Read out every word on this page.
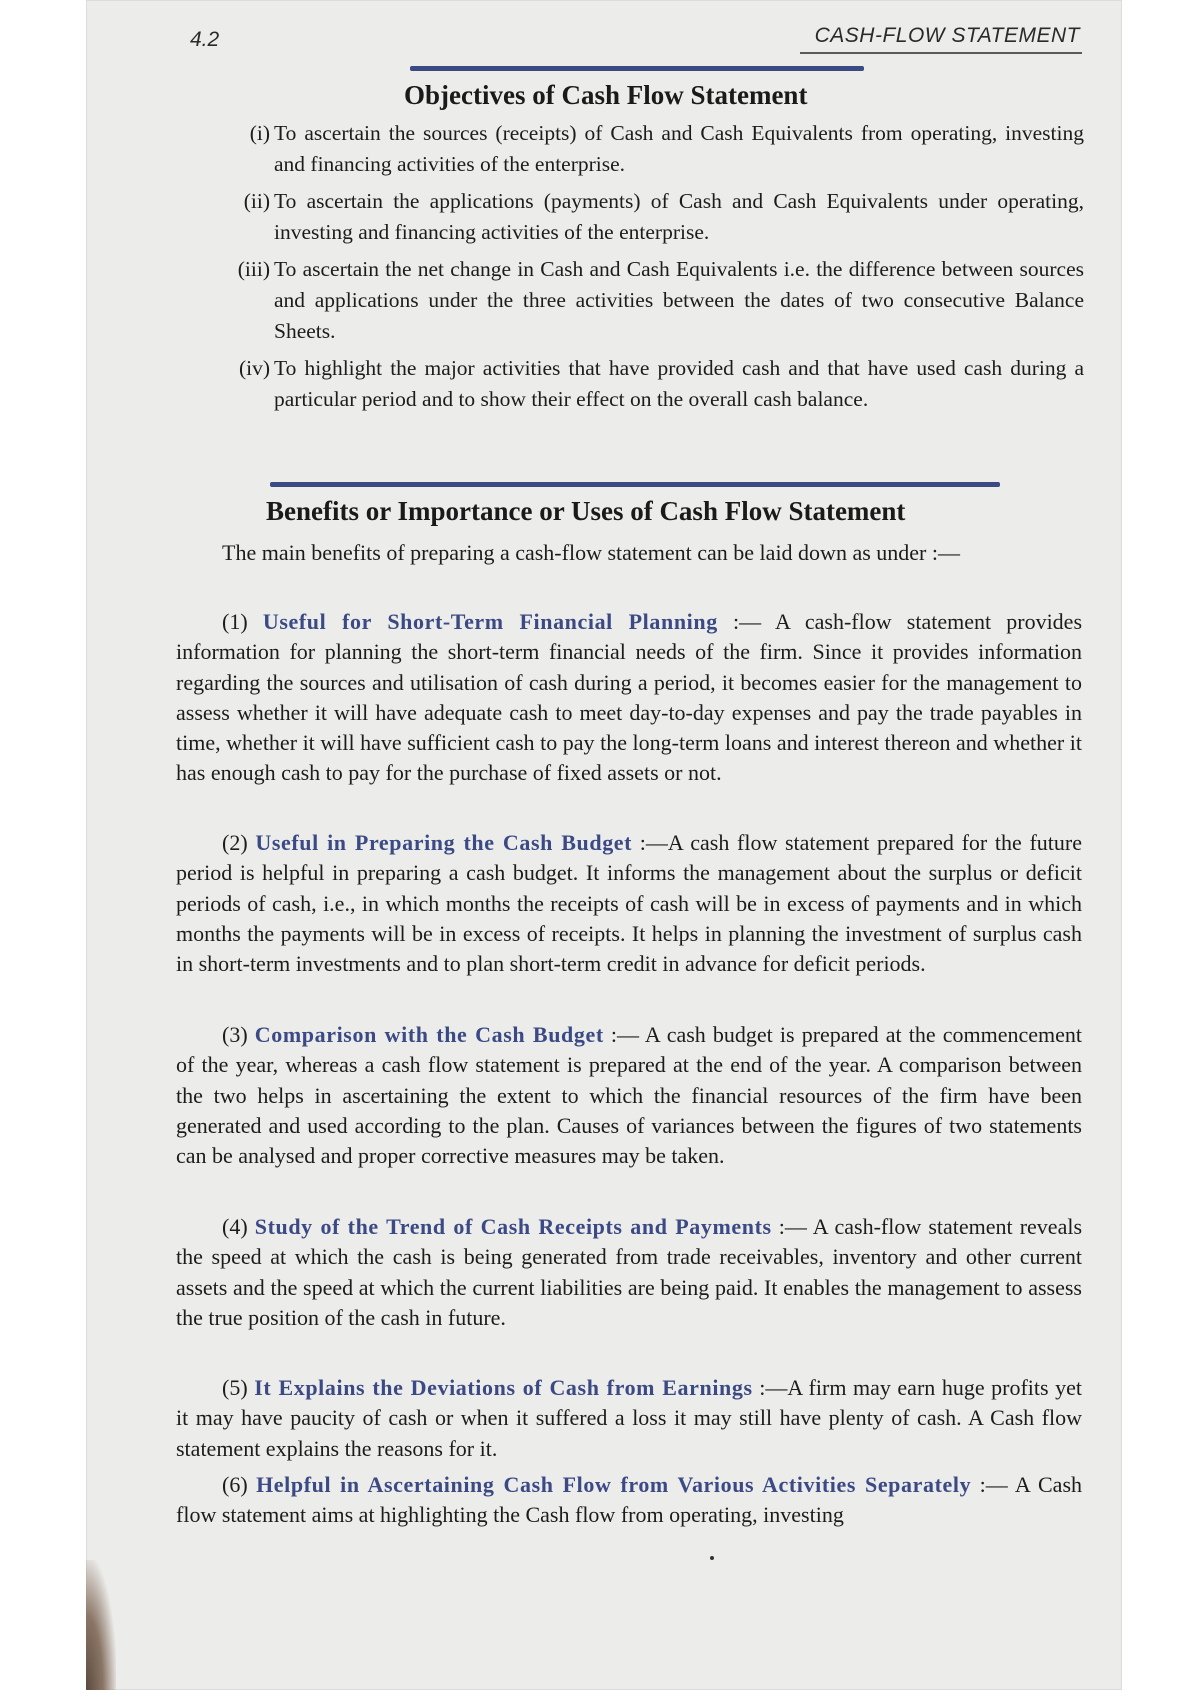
4.2	CASH-FLOW STATEMENT
Objectives of Cash Flow Statement
(i) To ascertain the sources (receipts) of Cash and Cash Equivalents from operating, investing and financing activities of the enterprise.
(ii) To ascertain the applications (payments) of Cash and Cash Equivalents under operating, investing and financing activities of the enterprise.
(iii) To ascertain the net change in Cash and Cash Equivalents i.e. the difference between sources and applications under the three activities between the dates of two consecutive Balance Sheets.
(iv) To highlight the major activities that have provided cash and that have used cash during a particular period and to show their effect on the overall cash balance.
Benefits or Importance or Uses of Cash Flow Statement
The main benefits of preparing a cash-flow statement can be laid down as under :—
(1) Useful for Short-Term Financial Planning :— A cash-flow statement provides information for planning the short-term financial needs of the firm. Since it provides information regarding the sources and utilisation of cash during a period, it becomes easier for the management to assess whether it will have adequate cash to meet day-to-day expenses and pay the trade payables in time, whether it will have sufficient cash to pay the long-term loans and interest thereon and whether it has enough cash to pay for the purchase of fixed assets or not.
(2) Useful in Preparing the Cash Budget :—A cash flow statement prepared for the future period is helpful in preparing a cash budget. It informs the management about the surplus or deficit periods of cash, i.e., in which months the receipts of cash will be in excess of payments and in which months the payments will be in excess of receipts. It helps in planning the investment of surplus cash in short-term investments and to plan short-term credit in advance for deficit periods.
(3) Comparison with the Cash Budget :— A cash budget is prepared at the commencement of the year, whereas a cash flow statement is prepared at the end of the year. A comparison between the two helps in ascertaining the extent to which the financial resources of the firm have been generated and used according to the plan. Causes of variances between the figures of two statements can be analysed and proper corrective measures may be taken.
(4) Study of the Trend of Cash Receipts and Payments :— A cash-flow statement reveals the speed at which the cash is being generated from trade receivables, inventory and other current assets and the speed at which the current liabilities are being paid. It enables the management to assess the true position of the cash in future.
(5) It Explains the Deviations of Cash from Earnings :—A firm may earn huge profits yet it may have paucity of cash or when it suffered a loss it may still have plenty of cash. A Cash flow statement explains the reasons for it.
(6) Helpful in Ascertaining Cash Flow from Various Activities Separately :— A Cash flow statement aims at highlighting the Cash flow from operating, investing
